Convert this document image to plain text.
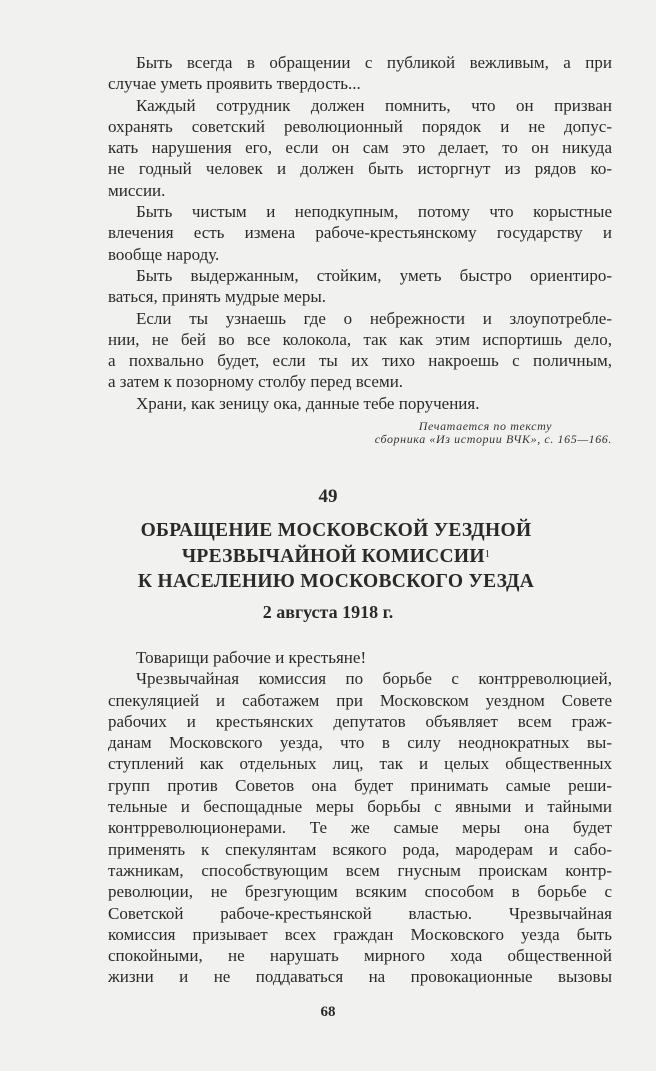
Быть всегда в обращении с публикой вежливым, а при
случае уметь проявить твердость...
Каждый сотрудник должен помнить, что он призван
охранять советский революционный порядок и не допус-
кать нарушения его, если он сам это делает, то он никуда
не годный человек и должен быть исторгнут из рядов ко-
миссии.
Быть чистым и неподкупным, потому что корыстные
влечения есть измена рабоче-крестьянскому государству и
вообще народу.
Быть выдержанным, стойким, уметь быстро ориентиро-
ваться, принять мудрые меры.
Если ты узнаешь где о небрежности и злоупотребле-
нии, не бей во все колокола, так как этим испортишь дело,
а похвально будет, если ты их тихо накроешь с поличным,
а затем к позорному столбу перед всеми.
Храни, как зеницу ока, данные тебе поручения.
Печатается по тексту
сборника «Из истории ВЧК», с. 165—166.
49
ОБРАЩЕНИЕ МОСКОВСКОЙ УЕЗДНОЙ
ЧРЕЗВЫЧАЙНОЙ КОМИССИИ$^1$
К НАСЕЛЕНИЮ МОСКОВСКОГО УЕЗДА
2 августа 1918 г.
Товарищи рабочие и крестьяне!
Чрезвычайная комиссия по борьбе с контрреволюцией,
спекуляцией и саботажем при Московском уездном Совете
рабочих и крестьянских депутатов объявляет всем граж-
данам Московского уезда, что в силу неоднократных вы-
ступлений как отдельных лиц, так и целых общественных
групп против Советов она будет принимать самые реши-
тельные и беспощадные меры борьбы с явными и тайными
контрреволюционерами. Те же самые меры она будет
применять к спекулянтам всякого рода, мародерам и сабо-
тажникам, способствующим всем гнусным проискам контр-
революции, не брезгующим всяким способом в борьбе с
Советской рабоче-крестьянской властью. Чрезвычайная
комиссия призывает всех граждан Московского уезда быть
спокойными, не нарушать мирного хода общественной
жизни и не поддаваться на провокационные вызовы
68
